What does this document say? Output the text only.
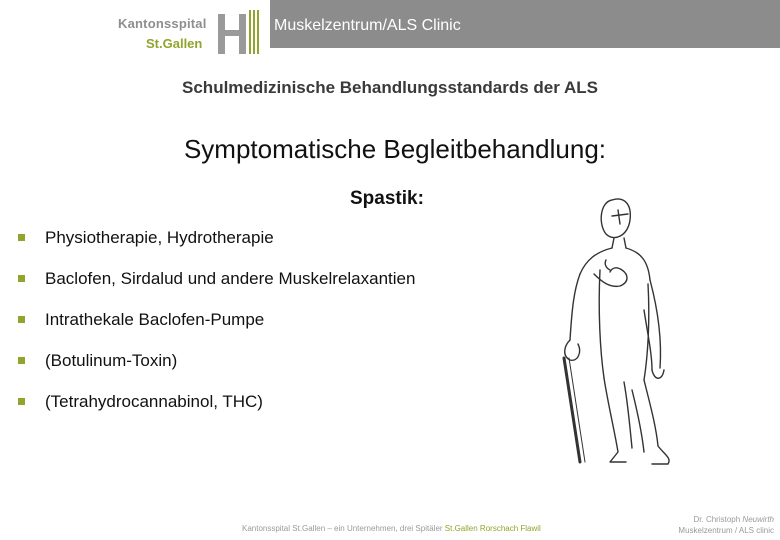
Muskelzentrum/ALS Clinic
Kantonsspital
St.Gallen
Schulmedizinische Behandlungsstandards der ALS
Symptomatische Begleitbehandlung:
Spastik:
Physiotherapie, Hydrotherapie
Baclofen, Sirdalud und andere Muskelrelaxantien
Intrathekale Baclofen-Pumpe
(Botulinum-Toxin)
(Tetrahydrocannabinol, THC)
Kantonsspital St.Gallen – ein Unternehmen, drei Spitäler St.Gallen Rorschach Flawil
Dr. Christoph Neuwirth
Muskelzentrum / ALS clinic
